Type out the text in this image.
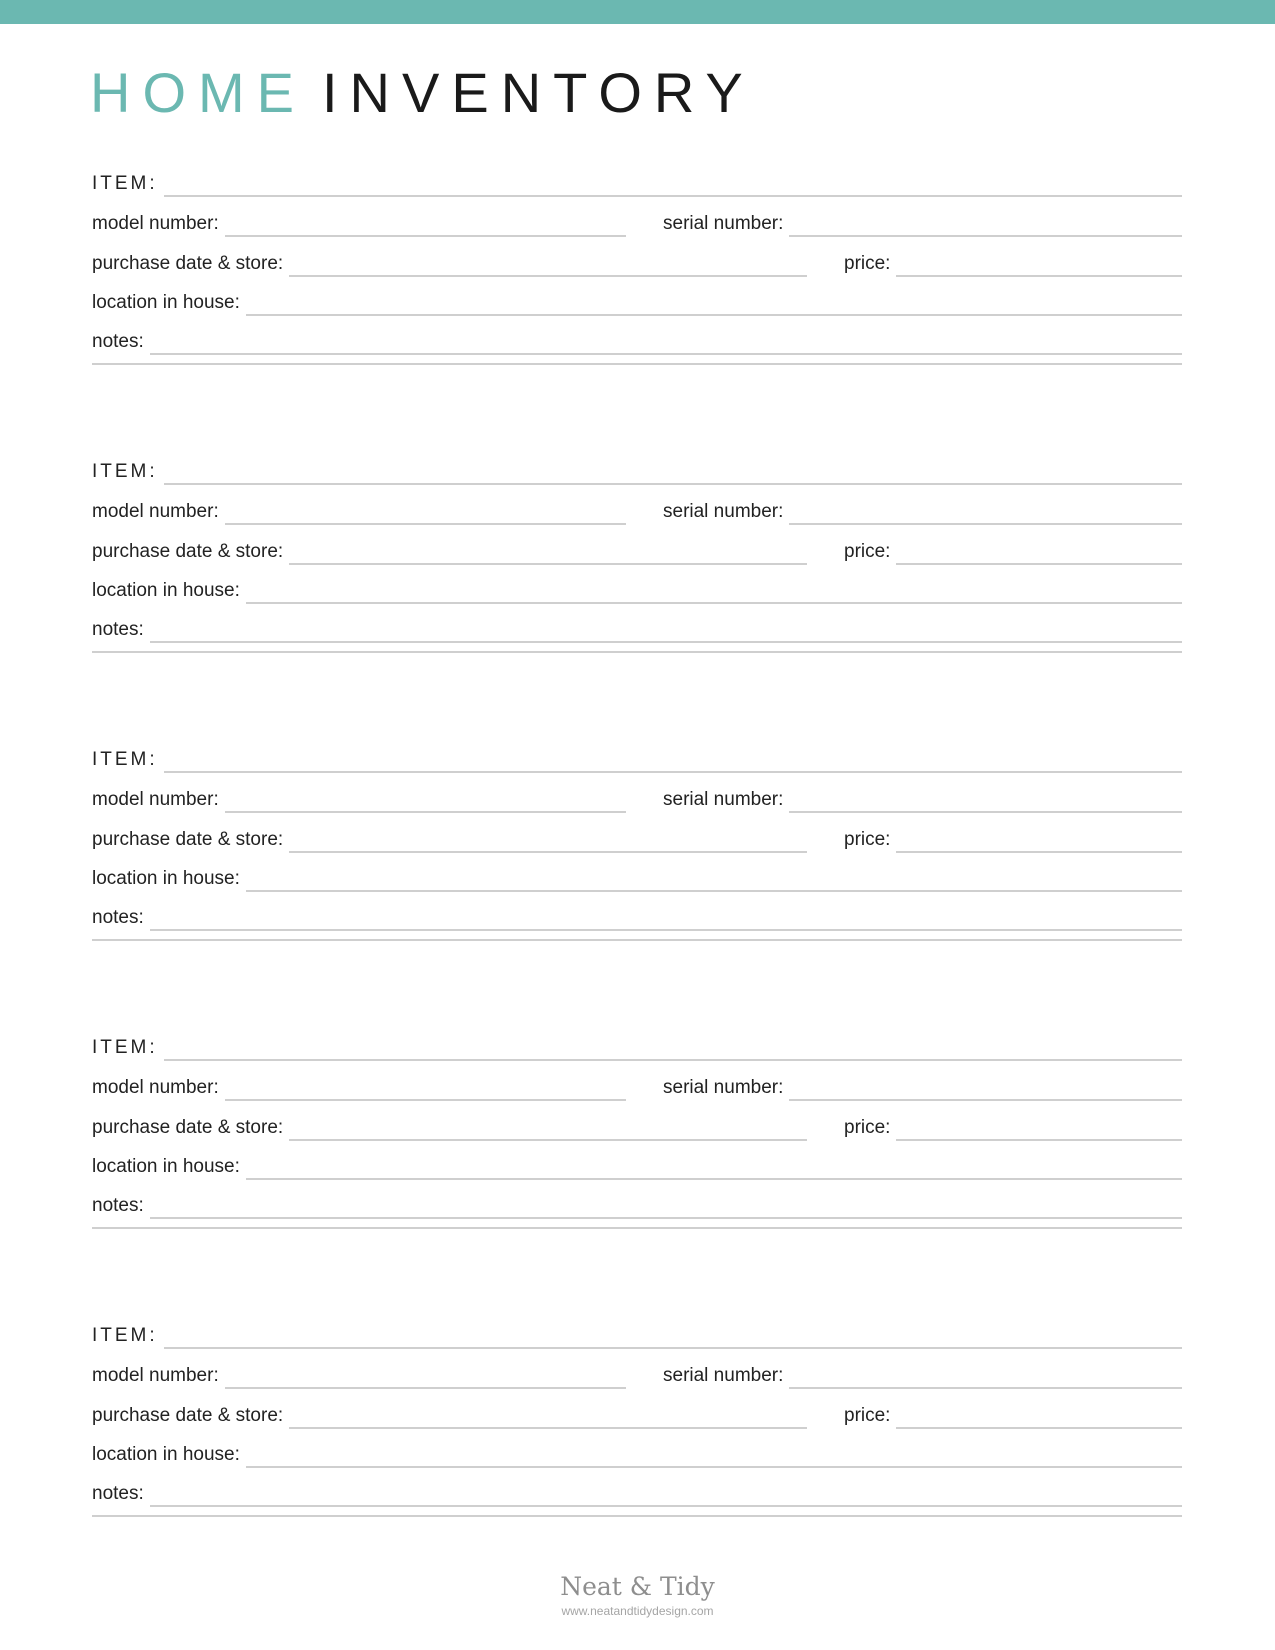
HOME INVENTORY
ITEM:
model number:	serial number:
purchase date & store:	price:
location in house:
notes:
ITEM:
model number:	serial number:
purchase date & store:	price:
location in house:
notes:
ITEM:
model number:	serial number:
purchase date & store:	price:
location in house:
notes:
ITEM:
model number:	serial number:
purchase date & store:	price:
location in house:
notes:
ITEM:
model number:	serial number:
purchase date & store:	price:
location in house:
notes:
Neat & Tidy
www.neatandtidydesign.com
